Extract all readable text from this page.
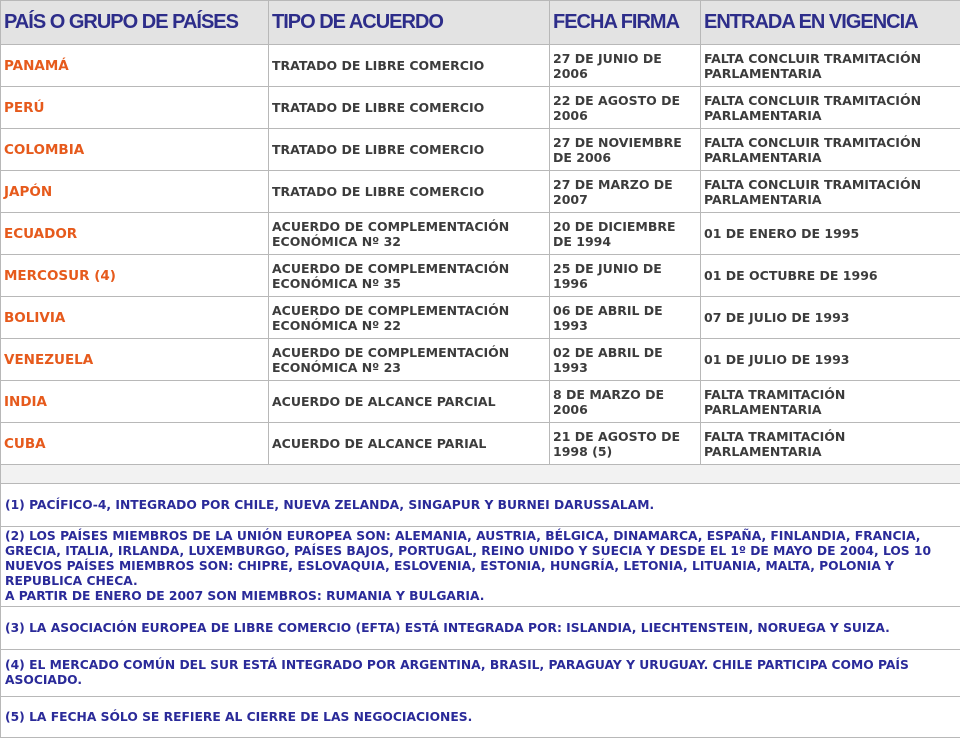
PAÍS O GRUPO DE PAÍSES	TIPO DE ACUERDO	FECHA FIRMA	ENTRADA EN VIGENCIA
PANAMÁ	TRATADO DE LIBRE COMERCIO	27 DE JUNIO DE 2006	FALTA CONCLUIR TRAMITACIÓN PARLAMENTARIA
PERÚ	TRATADO DE LIBRE COMERCIO	22 DE AGOSTO DE 2006	FALTA CONCLUIR TRAMITACIÓN PARLAMENTARIA
COLOMBIA	TRATADO DE LIBRE COMERCIO	27 DE NOVIEMBRE DE 2006	FALTA CONCLUIR TRAMITACIÓN PARLAMENTARIA
JAPÓN	TRATADO DE LIBRE COMERCIO	27 DE MARZO DE 2007	FALTA CONCLUIR TRAMITACIÓN PARLAMENTARIA
ECUADOR	ACUERDO DE COMPLEMENTACIÓN ECONÓMICA Nº 32	20 DE DICIEMBRE DE 1994	01 DE ENERO DE 1995
MERCOSUR (4)	ACUERDO DE COMPLEMENTACIÓN ECONÓMICA Nº 35	25 DE JUNIO DE 1996	01 DE OCTUBRE DE 1996
BOLIVIA	ACUERDO DE COMPLEMENTACIÓN ECONÓMICA Nº 22	06 DE ABRIL DE 1993	07 DE JULIO DE 1993
VENEZUELA	ACUERDO DE COMPLEMENTACIÓN ECONÓMICA Nº 23	02 DE ABRIL DE 1993	01 DE JULIO DE 1993
INDIA	ACUERDO DE ALCANCE PARCIAL	8 DE MARZO DE 2006	FALTA TRAMITACIÓN PARLAMENTARIA
CUBA	ACUERDO DE ALCANCE PARIAL	21 DE AGOSTO DE 1998 (5)	FALTA TRAMITACIÓN PARLAMENTARIA

(1) PACÍFICO-4, INTEGRADO POR CHILE, NUEVA ZELANDA, SINGAPUR Y BURNEI DARUSSALAM.			

(2) LOS PAÍSES MIEMBROS DE LA UNIÓN EUROPEA SON: ALEMANIA, AUSTRIA, BÉLGICA, DINAMARCA, ESPAÑA, FINLANDIA, FRANCIA, GRECIA, ITALIA, IRLANDA, LUXEMBURGO, PAÍSES BAJOS, PORTUGAL, REINO UNIDO Y SUECIA Y DESDE EL 1º DE MAYO DE 2004, LOS 10 NUEVOS PAÍSES MIEMBROS SON: CHIPRE, ESLOVAQUIA, ESLOVENIA, ESTONIA, HUNGRÍA, LETONIA, LITUANIA, MALTA, POLONIA Y REPUBLICA CHECA.
A PARTIR DE ENERO DE 2007 SON MIEMBROS: RUMANIA Y BULGARIA.			

(3) LA ASOCIACIÓN EUROPEA DE LIBRE COMERCIO (EFTA) ESTÁ INTEGRADA POR: ISLANDIA, LIECHTENSTEIN, NORUEGA Y SUIZA.			
(4) EL MERCADO COMÚN DEL SUR ESTÁ INTEGRADO POR ARGENTINA, BRASIL, PARAGUAY Y URUGUAY. CHILE PARTICIPA COMO PAÍS ASOCIADO.			
(5) LA FECHA SÓLO SE REFIERE AL CIERRE DE LAS NEGOCIACIONES.			
